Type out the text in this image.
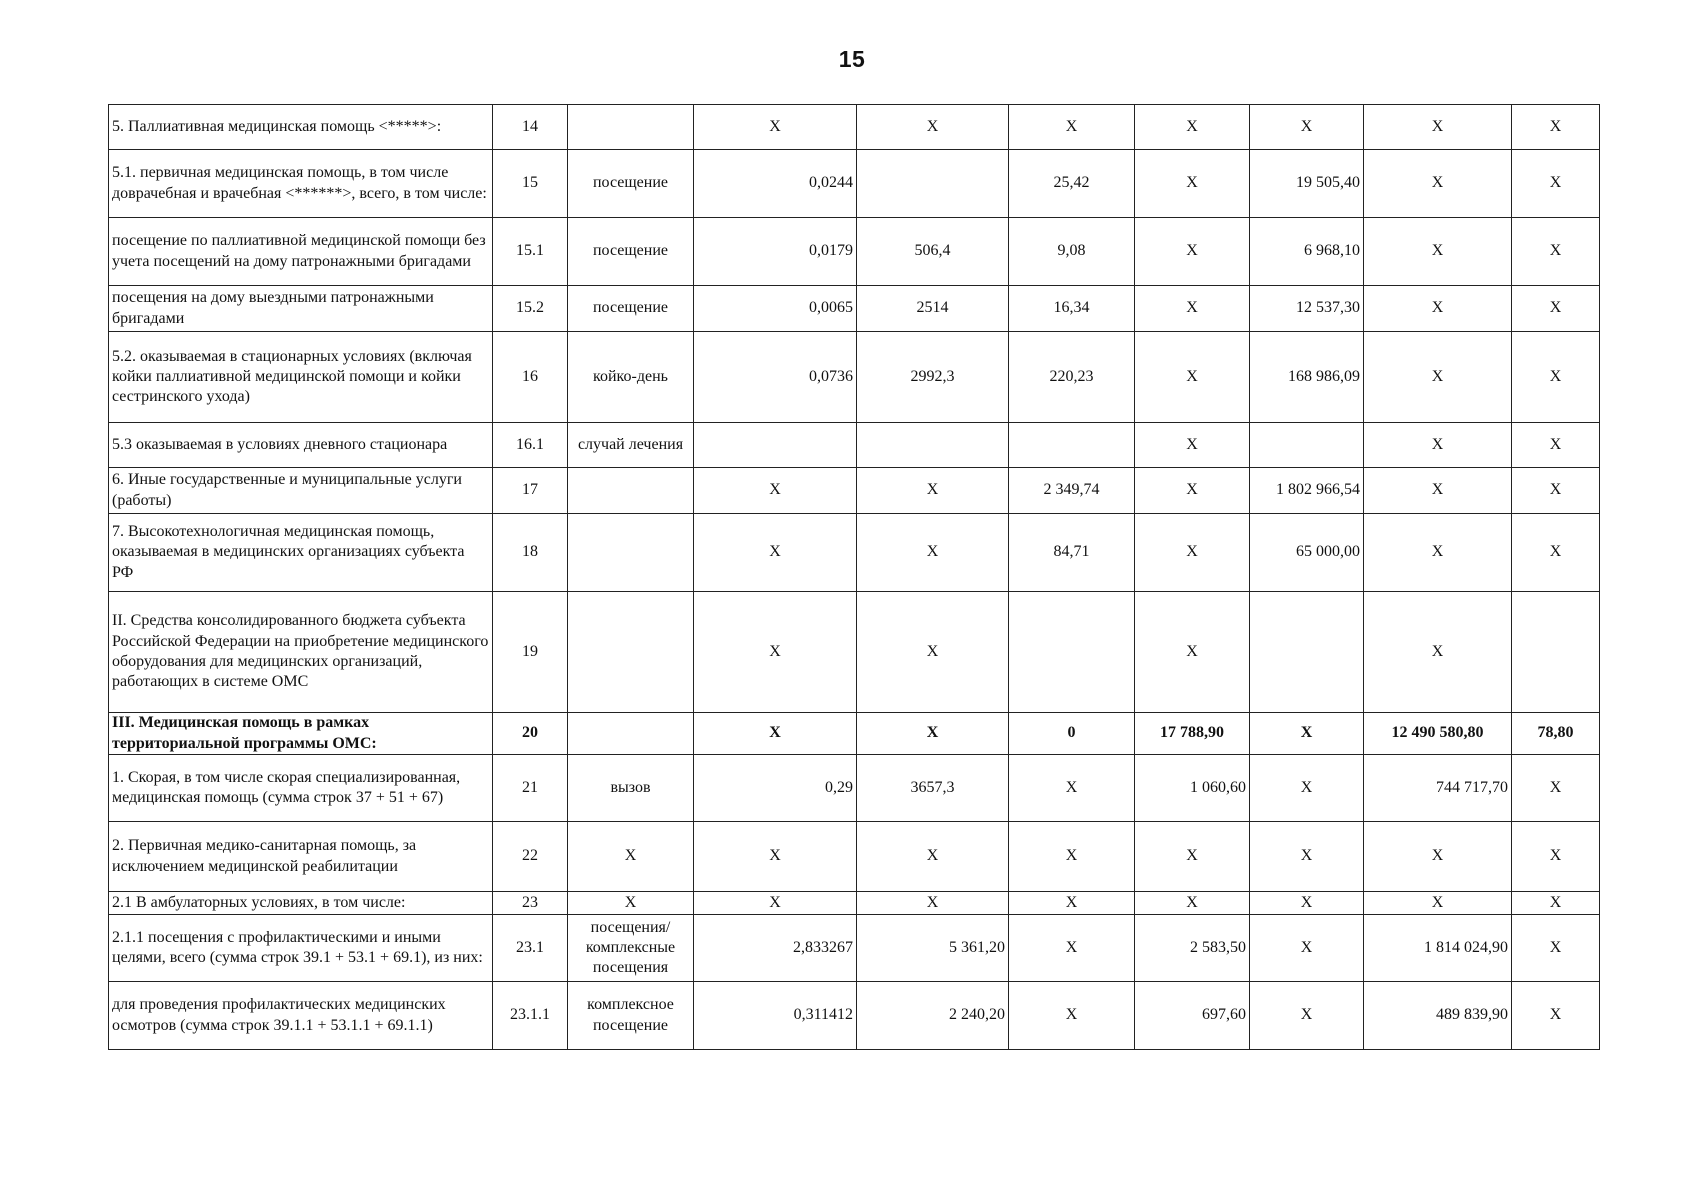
15
5. Паллиативная медицинская помощь <*****>:	14		X	X	X	X	X	X	X
5.1. первичная медицинская помощь, в том числе доврачебная и врачебная <******>, всего, в том числе:	15	посещение	0,0244		25,42	X	19 505,40	X	X
посещение по паллиативной медицинской помощи без учета посещений на дому патронажными бригадами	15.1	посещение	0,0179	506,4	9,08	X	6 968,10	X	X
посещения на дому выездными патронажными бригадами	15.2	посещение	0,0065	2514	16,34	X	12 537,30	X	X
5.2. оказываемая в стационарных условиях (включая койки паллиативной медицинской помощи и койки сестринского ухода)	16	койко-день	0,0736	2992,3	220,23	X	168 986,09	X	X
5.3 оказываемая в условиях дневного стационара	16.1	случай лечения				X		X	X
6. Иные государственные и муниципальные услуги (работы)	17		X	X	2 349,74	X	1 802 966,54	X	X
7. Высокотехнологичная медицинская помощь, оказываемая в медицинских организациях субъекта РФ	18		X	X	84,71	X	65 000,00	X	X
II. Средства консолидированного бюджета субъекта Российской Федерации на приобретение медицинского оборудования для медицинских организаций, работающих в системе ОМС	19		X	X		X		X	
III. Медицинская помощь в рамках территориальной программы ОМС:	20		X	X	0	17 788,90	X	12 490 580,80	78,80
1. Скорая, в том числе скорая специализированная, медицинская помощь (сумма строк 37 + 51 + 67)	21	вызов	0,29	3657,3	X	1 060,60	X	744 717,70	X
2. Первичная медико-санитарная помощь, за исключением медицинской реабилитации	22	X	X	X	X	X	X	X	X
2.1 В амбулаторных условиях, в том числе:	23	X	X	X	X	X	X	X	X
2.1.1 посещения с профилактическими и иными целями, всего (сумма строк 39.1 + 53.1 + 69.1), из них:	23.1	посещения/комплексные посещения	2,833267	5 361,20	X	2 583,50	X	1 814 024,90	X
для проведения профилактических медицинских осмотров (сумма строк 39.1.1 + 53.1.1 + 69.1.1)	23.1.1	комплексное посещение	0,311412	2 240,20	X	697,60	X	489 839,90	X
